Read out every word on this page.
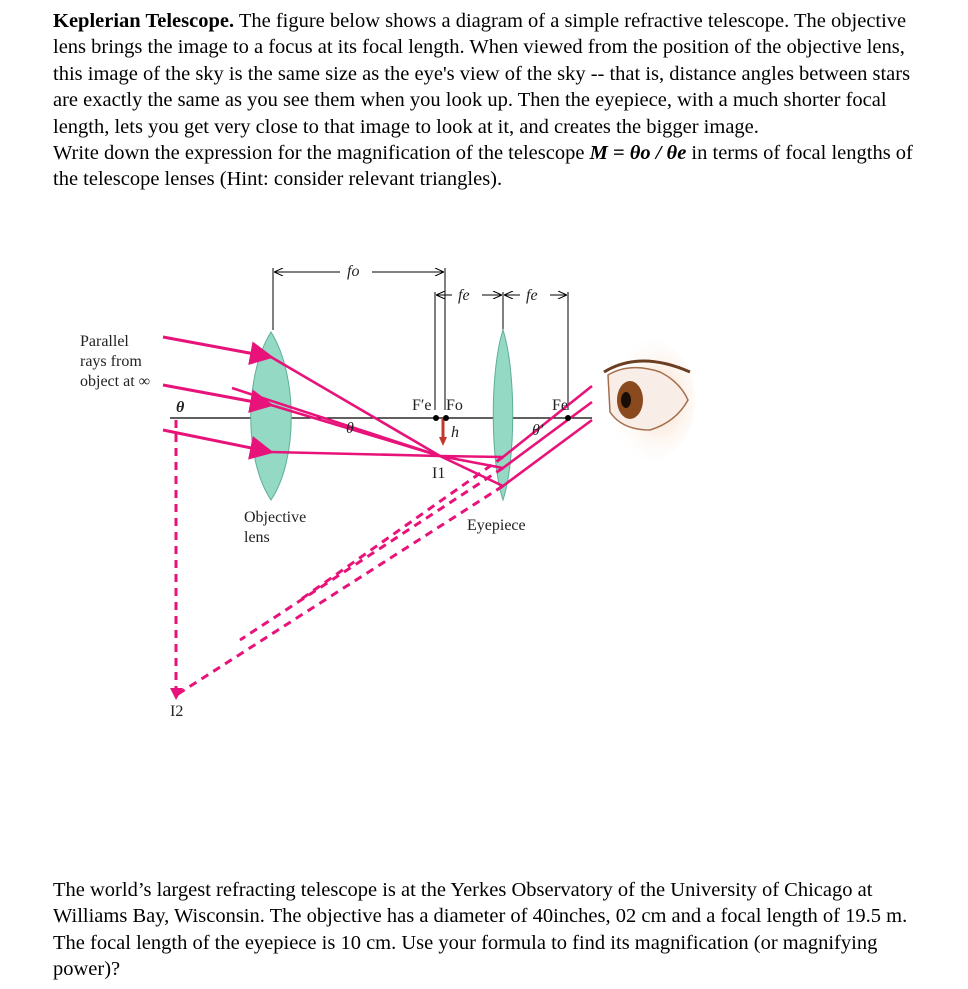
Keplerian Telescope. The figure below shows a diagram of a simple refractive telescope. The objective lens brings the image to a focus at its focal length. When viewed from the position of the objective lens, this image of the sky is the same size as the eye's view of the sky -- that is, distance angles between stars are exactly the same as you see them when you look up. Then the eyepiece, with a much shorter focal length, lets you get very close to that image to look at it, and creates the bigger image.
Write down the expression for the magnification of the telescope M = θo / θe in terms of focal lengths of the telescope lenses (Hint: consider relevant triangles).

Parallel
rays from
object at ∞
θ
θ	θ′
fo
fe	fe
F′e Fo	Fe
h
I1
I2
Objective
lens
Eyepiece

The world’s largest refracting telescope is at the Yerkes Observatory of the University of Chicago at Williams Bay, Wisconsin. The objective has a diameter of 40inches, 02 cm and a focal length of 19.5 m. The focal length of the eyepiece is 10 cm. Use your formula to find its magnification (or magnifying power)?
